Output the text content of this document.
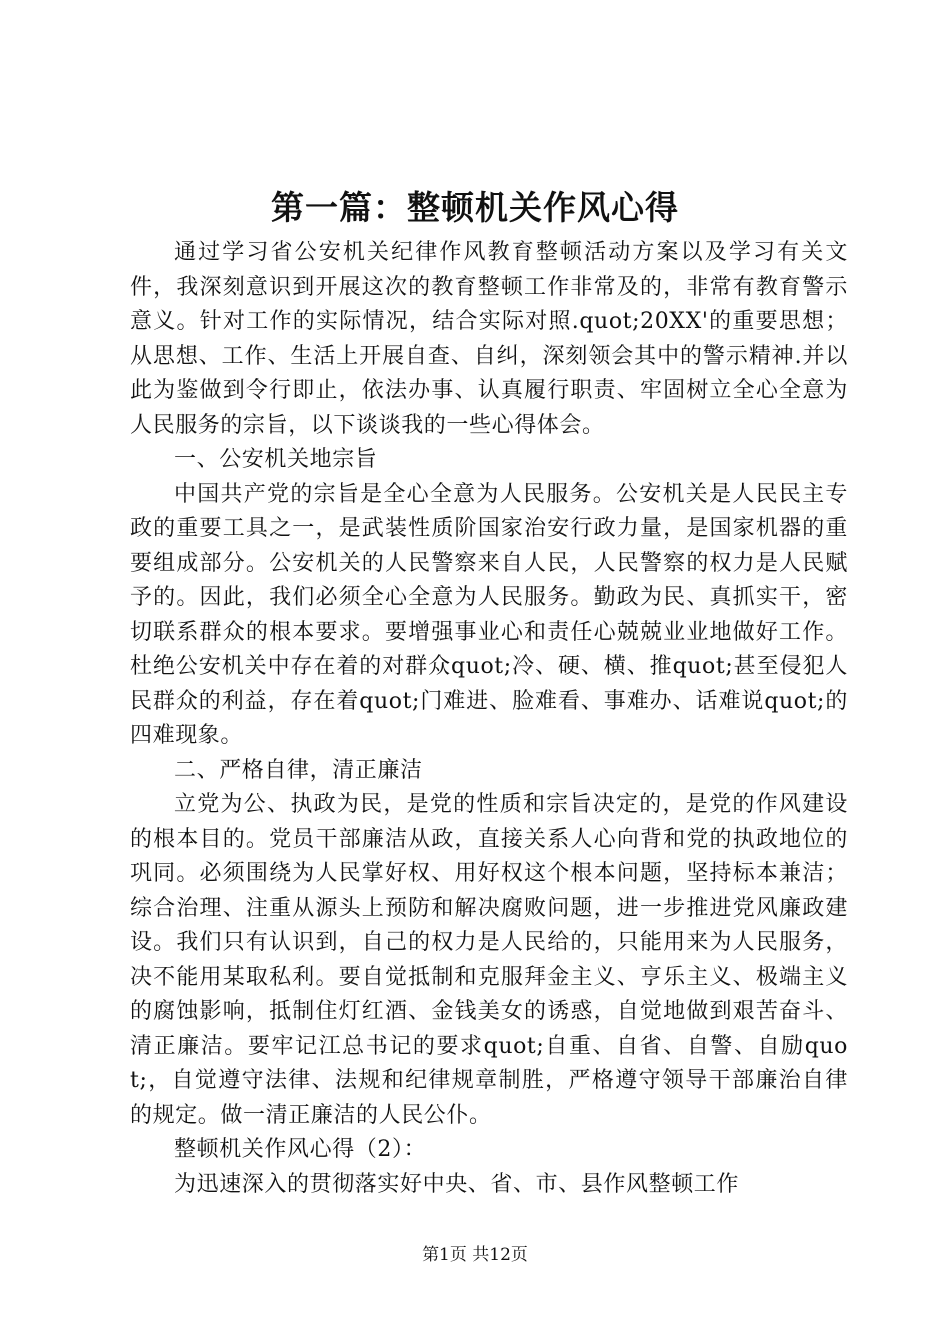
第一篇：整顿机关作风心得

通过学习省公安机关纪律作风教育整顿活动方案以及学习有关文件，我深刻意识到开展这次的教育整顿工作非常及的，非常有教育警示意义。针对工作的实际情况，结合实际对照.quot;20XX'的重要思想；从思想、工作、生活上开展自查、自纠，深刻领会其中的警示精神.并以此为鉴做到令行即止，依法办事、认真履行职责、牢固树立全心全意为人民服务的宗旨，以下谈谈我的一些心得体会。

一、公安机关地宗旨

中国共产党的宗旨是全心全意为人民服务。公安机关是人民民主专政的重要工具之一，是武装性质阶国家治安行政力量，是国家机器的重要组成部分。公安机关的人民警察来自人民，人民警察的权力是人民赋予的。因此，我们必须全心全意为人民服务。勤政为民、真抓实干，密切联系群众的根本要求。要增强事业心和责任心兢兢业业地做好工作。杜绝公安机关中存在着的对群众quot;冷、硬、横、推quot;甚至侵犯人民群众的利益，存在着quot;门难进、脸难看、事难办、话难说quot;的四难现象。

二、严格自律，清正廉洁

立党为公、执政为民，是党的性质和宗旨决定的，是党的作风建设的根本目的。党员干部廉洁从政，直接关系人心向背和党的执政地位的巩同。必须围绕为人民掌好权、用好权这个根本问题，坚持标本兼洁；综合治理、注重从源头上预防和解决腐败问题，进一步推进党风廉政建设。我们只有认识到，自己的权力是人民给的，只能用来为人民服务，决不能用某取私利。要自觉抵制和克服拜金主义、亨乐主义、极端主义的腐蚀影响，抵制住灯红酒、金钱美女的诱惑，自觉地做到艰苦奋斗、清正廉洁。要牢记江总书记的要求quot;自重、自省、自警、自励quot;，自觉遵守法律、法规和纪律规章制胜，严格遵守领导干部廉治自律的规定。做一清正廉洁的人民公仆。

整顿机关作风心得（2）：

为迅速深入的贯彻落实好中央、省、市、县作风整顿工作

第1页 共12页
